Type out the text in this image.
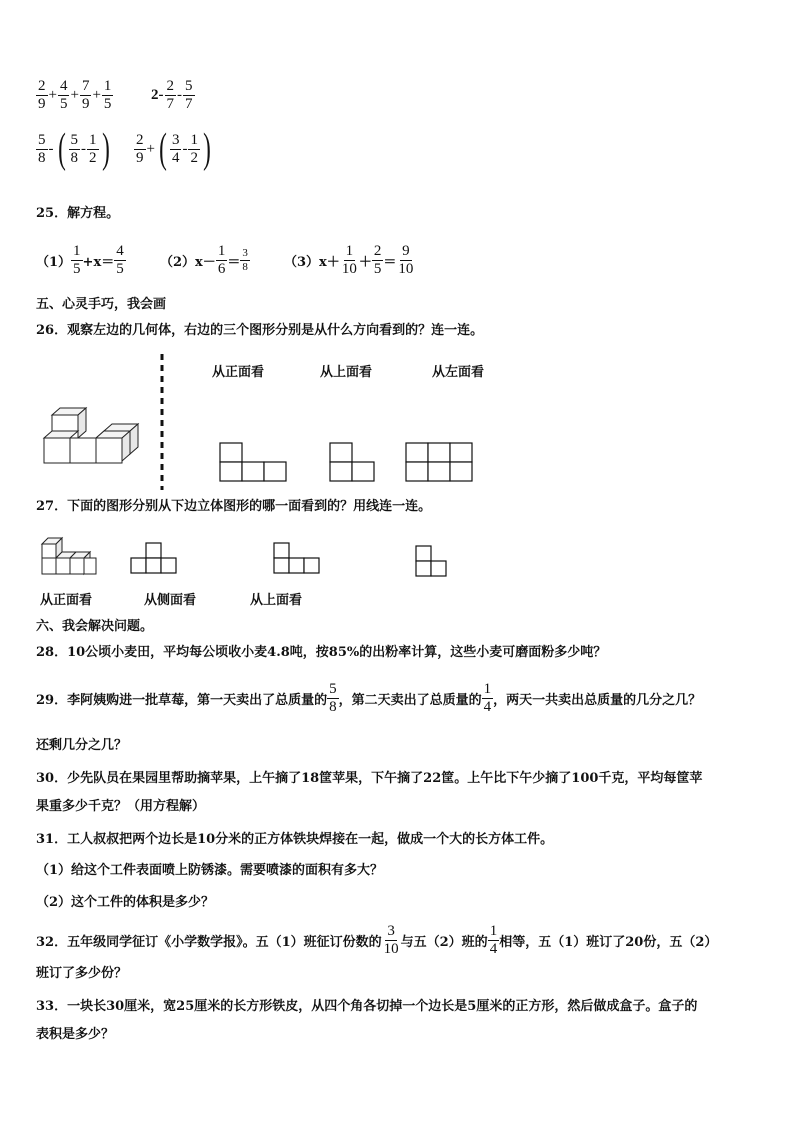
$\frac{2}{9} + \frac{4}{5} + \frac{7}{9} + \frac{1}{5}$	$2- \frac{2}{7} - \frac{5}{7}$
$\frac{5}{8}$ - ( $\frac{5}{8} - \frac{1}{2}$ ) $\frac{2}{9}$ + ( $\frac{3}{4} - \frac{1}{2}$ )
25．解方程。
$(1) \frac{1}{5} +x= \frac{4}{5}$	（2） $x- \frac{1}{6} = \frac{3}{8}$	（3） $x+ \frac{1}{10} + \frac{2}{5} = \frac{9}{10}$
五、心灵手巧，我会画
26．观察左边的几何体，右边的三个图形分别是从什么方向看到的？连一连。
从正面看	从上面看	从左面看
27．下面的图形分别从下边立体图形的哪一面看到的？用线连一连。
从正面看	从侧面看	从上面看
六、我会解决问题。
28．10公顷小麦田，平均每公顷收小麦4.8吨，按85%的出粉率计算，这些小麦可磨面粉多少吨？
29．李阿姨购进一批草莓，第一天卖出了总质量的 $\frac{5}{8}$ ，第二天卖出了总质量的 $\frac{1}{4}$ ，两天一共卖出总质量的几分之几？
还剩几分之几？
30．少先队员在果园里帮助摘苹果，上午摘了18筐苹果，下午摘了22筐。上午比下午少摘了100千克，平均每筐苹
果重多少千克？（用方程解）
31．工人叔叔把两个边长是10分米的正方体铁块焊接在一起，做成一个大的长方体工件。
（1）给这个工件表面喷上防锈漆。需要喷漆的面积有多大？
（2）这个工件的体积是多少？
32．五年级同学征订《小学数学报》。五（1）班征订份数的 $\frac{3}{10}$ 与五（2）班的 $\frac{1}{4}$ 相等，五（1）班订了20份，五（2）
班订了多少份？
33．一块长30厘米，宽25厘米的长方形铁皮，从四个角各切掉一个边长是5厘米的正方形，然后做成盒子。盒子的
表积是多少？
